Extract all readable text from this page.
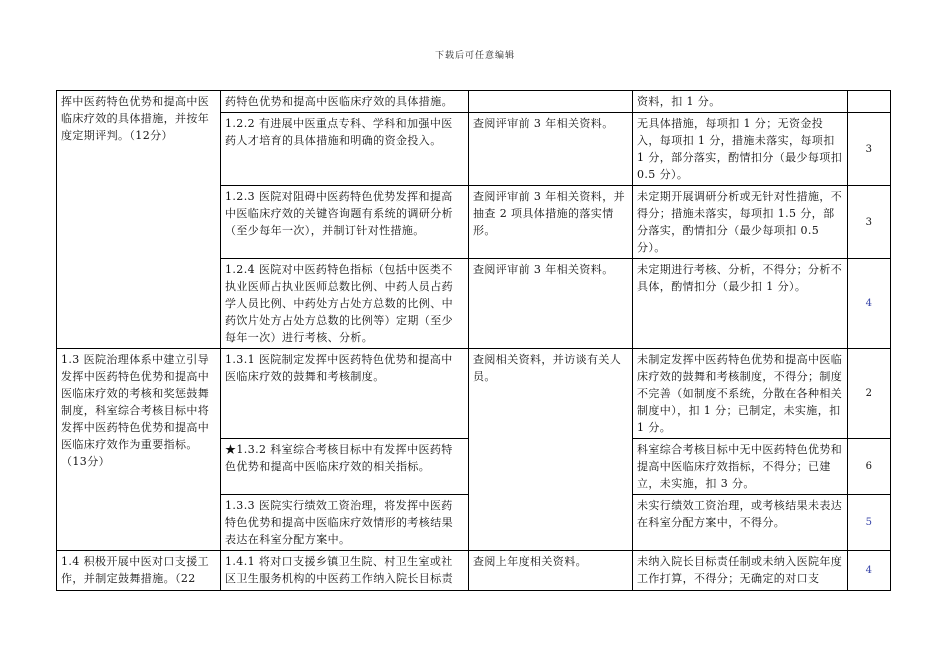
下载后可任意编辑
挥中医药特色优势和提高中医临床疗效的具体措施，并按年度定期评判。（12分）	药特色优势和提高中医临床疗效的具体措施。		资料，扣 1 分。	
	1.2.2 有进展中医重点专科、学科和加强中医药人才培育的具体措施和明确的资金投入。	查阅评审前 3 年相关资料。	无具体措施，每项扣 1 分；无资金投入，每项扣 1 分，措施未落实，每项扣 1 分，部分落实，酌情扣分（最少每项扣 0.5 分）。	3
	1.2.3 医院对阻碍中医药特色优势发挥和提高中医临床疗效的关键咨询题有系统的调研分析（至少每年一次），并制订针对性措施。	查阅评审前 3 年相关资料，并抽查 2 项具体措施的落实情形。	未定期开展调研分析或无针对性措施，不得分；措施未落实，每项扣 1.5 分，部分落实，酌情扣分（最少每项扣 0.5 分）。	3
	1.2.4 医院对中医药特色指标（包括中医类不执业医师占执业医师总数比例、中药人员占药学人员比例、中药处方占处方总数的比例、中药饮片处方占处方总数的比例等）定期（至少每年一次）进行考核、分析。	查阅评审前 3 年相关资料。	未定期进行考核、分析，不得分；分析不具体，酌情扣分（最少扣 1 分）。	4
1.3 医院治理体系中建立引导发挥中医药特色优势和提高中医临床疗效的考核和奖惩鼓舞制度，科室综合考核目标中将发挥中医药特色优势和提高中医临床疗效作为重要指标。（13分）	1.3.1 医院制定发挥中医药特色优势和提高中医临床疗效的鼓舞和考核制度。	查阅相关资料，并访谈有关人员。	未制定发挥中医药特色优势和提高中医临床疗效的鼓舞和考核制度，不得分；制度不完善（如制度不系统，分散在各种相关制度中），扣 1 分；已制定，未实施，扣 1 分。	2
	★1.3.2 科室综合考核目标中有发挥中医药特色优势和提高中医临床疗效的相关指标。		科室综合考核目标中无中医药特色优势和提高中医临床疗效指标，不得分；已建立，未实施，扣 3 分。	6
	1.3.3 医院实行绩效工资治理，将发挥中医药特色优势和提高中医临床疗效情形的考核结果表达在科室分配方案中。		未实行绩效工资治理，或考核结果未表达在科室分配方案中，不得分。	5
1.4 积极开展中医对口支援工作，并制定鼓舞措施。（22	1.4.1 将对口支援乡镇卫生院、村卫生室或社区卫生服务机构的中医药工作纳入院长目标责	查阅上年度相关资料。	未纳入院长目标责任制或未纳入医院年度工作打算，不得分；无确定的对口支	4
